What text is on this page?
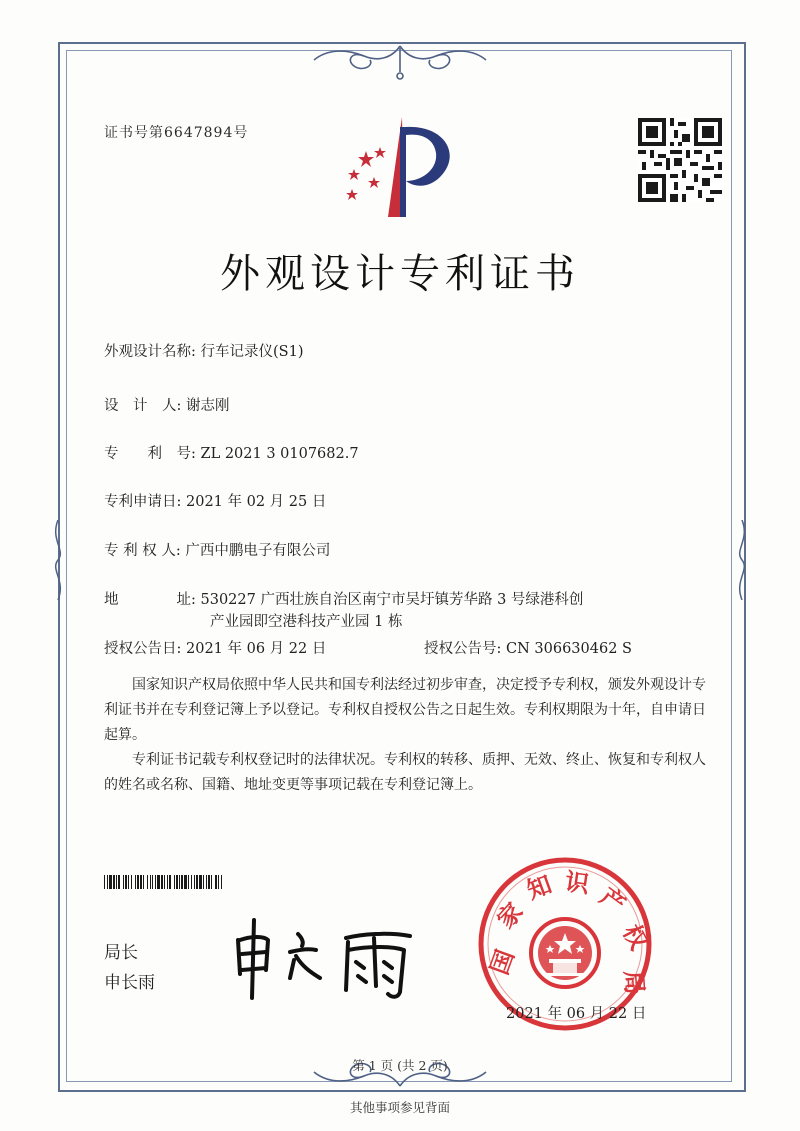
证书号第6647894号
外观设计专利证书
外观设计名称: 行车记录仪(S1)
设　计　人: 谢志刚
专　　利　号: ZL 2021 3 0107682.7
专利申请日: 2021 年 02 月 25 日
专 利 权 人: 广西中鹏电子有限公司
地　　　　址: 530227 广西壮族自治区南宁市吴圩镇芳华路 3 号绿港科创
产业园即空港科技产业园 1 栋
授权公告日: 2021 年 06 月 22 日	授权公告号: CN 306630462 S
国家知识产权局依照中华人民共和国专利法经过初步审查，决定授予专利权，颁发外观设计专利证书并在专利登记簿上予以登记。专利权自授权公告之日起生效。专利权期限为十年，自申请日起算。
专利证书记载专利权登记时的法律状况。专利权的转移、质押、无效、终止、恢复和专利权人的姓名或名称、国籍、地址变更等事项记载在专利登记簿上。
局长
申长雨
国
家
知 识 产
权
局
2021 年 06 月 22 日
第 1 页 (共 2 页)
其他事项参见背面
